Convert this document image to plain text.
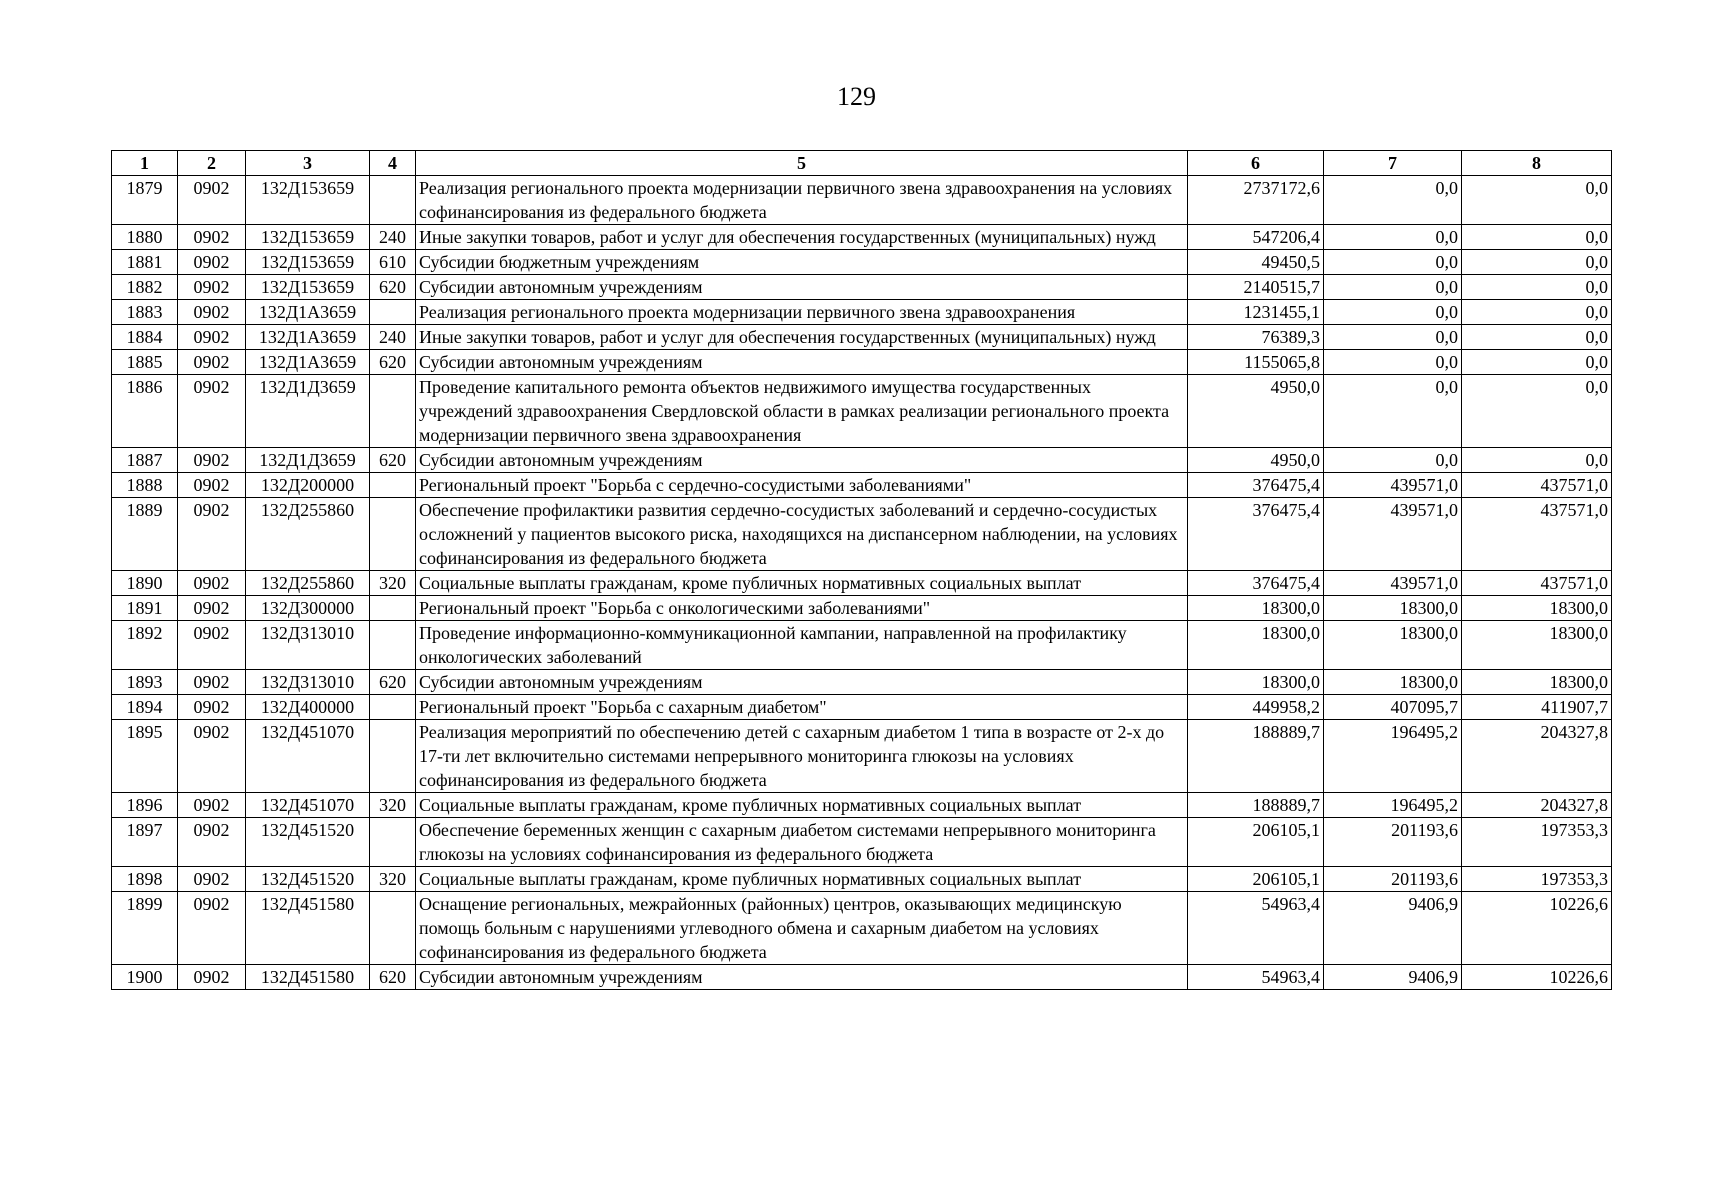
129
1	2	3	4	5	6	7	8
1879	0902	132Д153659		Реализация регионального проекта модернизации первичного звена здравоохранения на условиях софинансирования из федерального бюджета	2737172,6	0,0	0,0
1880	0902	132Д153659	240	Иные закупки товаров, работ и услуг для обеспечения государственных (муниципальных) нужд	547206,4	0,0	0,0
1881	0902	132Д153659	610	Субсидии бюджетным учреждениям	49450,5	0,0	0,0
1882	0902	132Д153659	620	Субсидии автономным учреждениям	2140515,7	0,0	0,0
1883	0902	132Д1А3659		Реализация регионального проекта модернизации первичного звена здравоохранения	1231455,1	0,0	0,0
1884	0902	132Д1А3659	240	Иные закупки товаров, работ и услуг для обеспечения государственных (муниципальных) нужд	76389,3	0,0	0,0
1885	0902	132Д1А3659	620	Субсидии автономным учреждениям	1155065,8	0,0	0,0
1886	0902	132Д1Д3659		Проведение капитального ремонта объектов недвижимого имущества государственных учреждений здравоохранения Свердловской области в рамках реализации регионального проекта модернизации первичного звена здравоохранения	4950,0	0,0	0,0
1887	0902	132Д1Д3659	620	Субсидии автономным учреждениям	4950,0	0,0	0,0
1888	0902	132Д200000		Региональный проект "Борьба с сердечно-сосудистыми заболеваниями"	376475,4	439571,0	437571,0
1889	0902	132Д255860		Обеспечение профилактики развития сердечно-сосудистых заболеваний и сердечно-сосудистых осложнений у пациентов высокого риска, находящихся на диспансерном наблюдении, на условиях софинансирования из федерального бюджета	376475,4	439571,0	437571,0
1890	0902	132Д255860	320	Социальные выплаты гражданам, кроме публичных нормативных социальных выплат	376475,4	439571,0	437571,0
1891	0902	132Д300000		Региональный проект "Борьба с онкологическими заболеваниями"	18300,0	18300,0	18300,0
1892	0902	132Д313010		Проведение информационно-коммуникационной кампании, направленной на профилактику онкологических заболеваний	18300,0	18300,0	18300,0
1893	0902	132Д313010	620	Субсидии автономным учреждениям	18300,0	18300,0	18300,0
1894	0902	132Д400000		Региональный проект "Борьба с сахарным диабетом"	449958,2	407095,7	411907,7
1895	0902	132Д451070		Реализация мероприятий по обеспечению детей с сахарным диабетом 1 типа в возрасте от 2-х до 17-ти лет включительно системами непрерывного мониторинга глюкозы на условиях софинансирования из федерального бюджета	188889,7	196495,2	204327,8
1896	0902	132Д451070	320	Социальные выплаты гражданам, кроме публичных нормативных социальных выплат	188889,7	196495,2	204327,8
1897	0902	132Д451520		Обеспечение беременных женщин с сахарным диабетом системами непрерывного мониторинга глюкозы на условиях софинансирования из федерального бюджета	206105,1	201193,6	197353,3
1898	0902	132Д451520	320	Социальные выплаты гражданам, кроме публичных нормативных социальных выплат	206105,1	201193,6	197353,3
1899	0902	132Д451580		Оснащение региональных, межрайонных (районных) центров, оказывающих медицинскую помощь больным с нарушениями углеводного обмена и сахарным диабетом на условиях софинансирования из федерального бюджета	54963,4	9406,9	10226,6
1900	0902	132Д451580	620	Субсидии автономным учреждениям	54963,4	9406,9	10226,6
